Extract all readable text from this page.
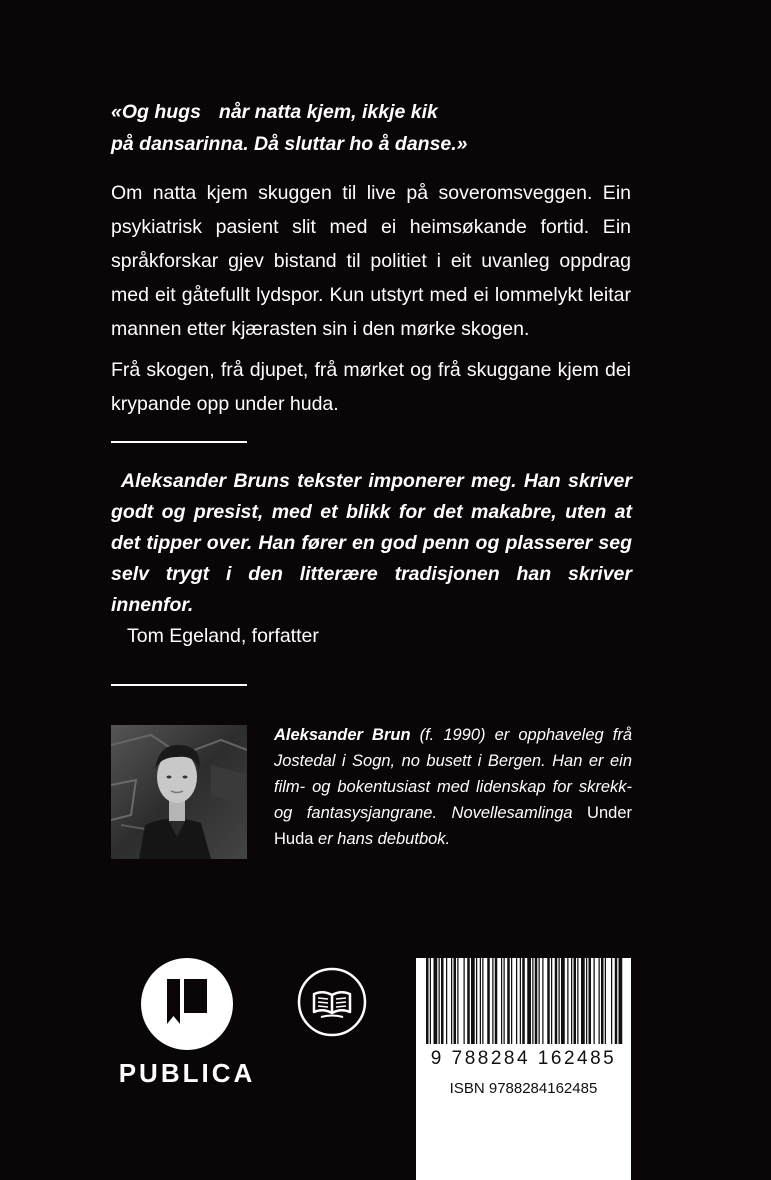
«Og hugs når natta kjem, ikkje kik
på dansarinna. Då sluttar ho å danse.»

Om natta kjem skuggen til live på soveromsveggen. Ein psykiatrisk pasient slit med ei heimsøkande fortid. Ein språkforskar gjev bistand til politiet i eit uvanleg oppdrag med eit gåtefullt lydspor. Kun utstyrt med ei lommelykt leitar mannen etter kjærasten sin i den mørke skogen.

Frå skogen, frå djupet, frå mørket og frå skuggane kjem dei krypande opp under huda.

Aleksander Bruns tekster imponerer meg. Han skriver godt og presist, med et blikk for det makabre, uten at det tipper over. Han fører en god penn og plasserer seg selv trygt i den litterære tradisjonen han skriver innenfor.

Tom Egeland, forfatter

Aleksander Brun (f. 1990) er opphaveleg frå Jostedal i Sogn, no busett i Bergen. Han er ein film- og bokentusiast med lidenskap for skrekk- og fantasysjangrane. Novellesamlinga Under Huda er hans debutbok.

PUBLICA	9 788284 162485
ISBN 9788284162485
